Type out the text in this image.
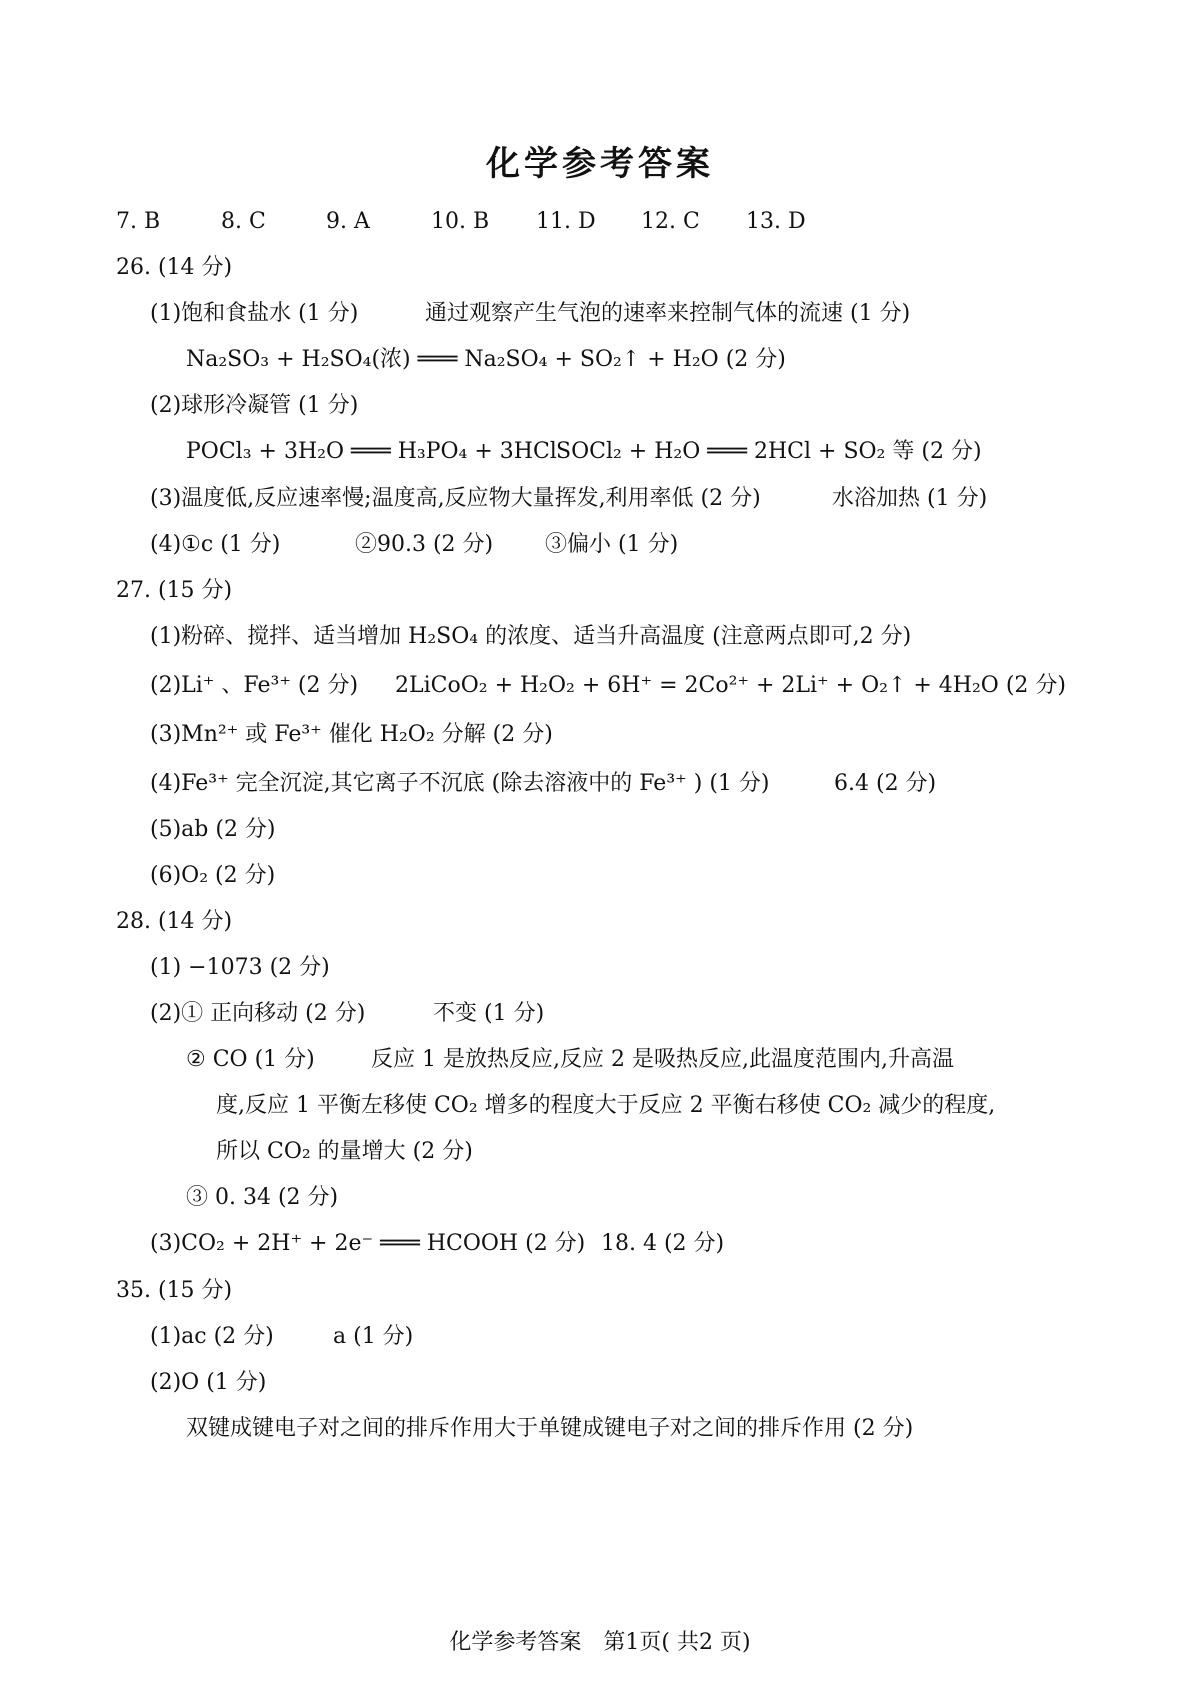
化学参考答案
7. B	8. C	9. A	10. B 11. D 12. C 13. D
26. (14 分)
(1)饱和食盐水 (1 分)	通过观察产生气泡的速率来控制气体的流速 (1 分)
Na₂SO₃ + H₂SO₄(浓) ═══ Na₂SO₄ + SO₂↑ + H₂O (2 分)
(2)球形冷凝管 (1 分)
POCl₃ + 3H₂O ═══ H₃PO₄ + 3HCl SOCl₂ + H₂O ═══ 2HCl + SO₂ 等 (2 分)
(3)温度低,反应速率慢;温度高,反应物大量挥发,利用率低 (2 分)	水浴加热 (1 分)
(4)①c (1 分)	②90.3 (2 分) ③偏小 (1 分)
27. (15 分)
(1)粉碎、搅拌、适当增加 H₂SO₄ 的浓度、适当升高温度 (注意两点即可,2 分)
(2)Li⁺ 、Fe³⁺ (2 分) 2LiCoO₂ + H₂O₂ + 6H⁺ = 2Co²⁺ + 2Li⁺ + O₂↑ + 4H₂O (2 分)
(3)Mn²⁺ 或 Fe³⁺ 催化 H₂O₂ 分解 (2 分)
(4)Fe³⁺ 完全沉淀,其它离子不沉底 (除去溶液中的 Fe³⁺ ) (1 分)	6.4 (2 分)
(5)ab (2 分)
(6)O₂ (2 分)
28. (14 分)
(1) −1073 (2 分)
(2)① 正向移动 (2 分)	不变 (1 分)
② CO (1 分)	反应 1 是放热反应,反应 2 是吸热反应,此温度范围内,升高温
度,反应 1 平衡左移使 CO₂ 增多的程度大于反应 2 平衡右移使 CO₂ 减少的程度,
所以 CO₂ 的量增大 (2 分)
③ 0. 34 (2 分)
(3)CO₂ + 2H⁺ + 2e⁻ ═══ HCOOH (2 分) 18. 4 (2 分)
35. (15 分)
(1)ac (2 分)	a (1 分)
(2)O (1 分)
双键成键电子对之间的排斥作用大于单键成键电子对之间的排斥作用 (2 分)
化学参考答案　第1页( 共2 页)
